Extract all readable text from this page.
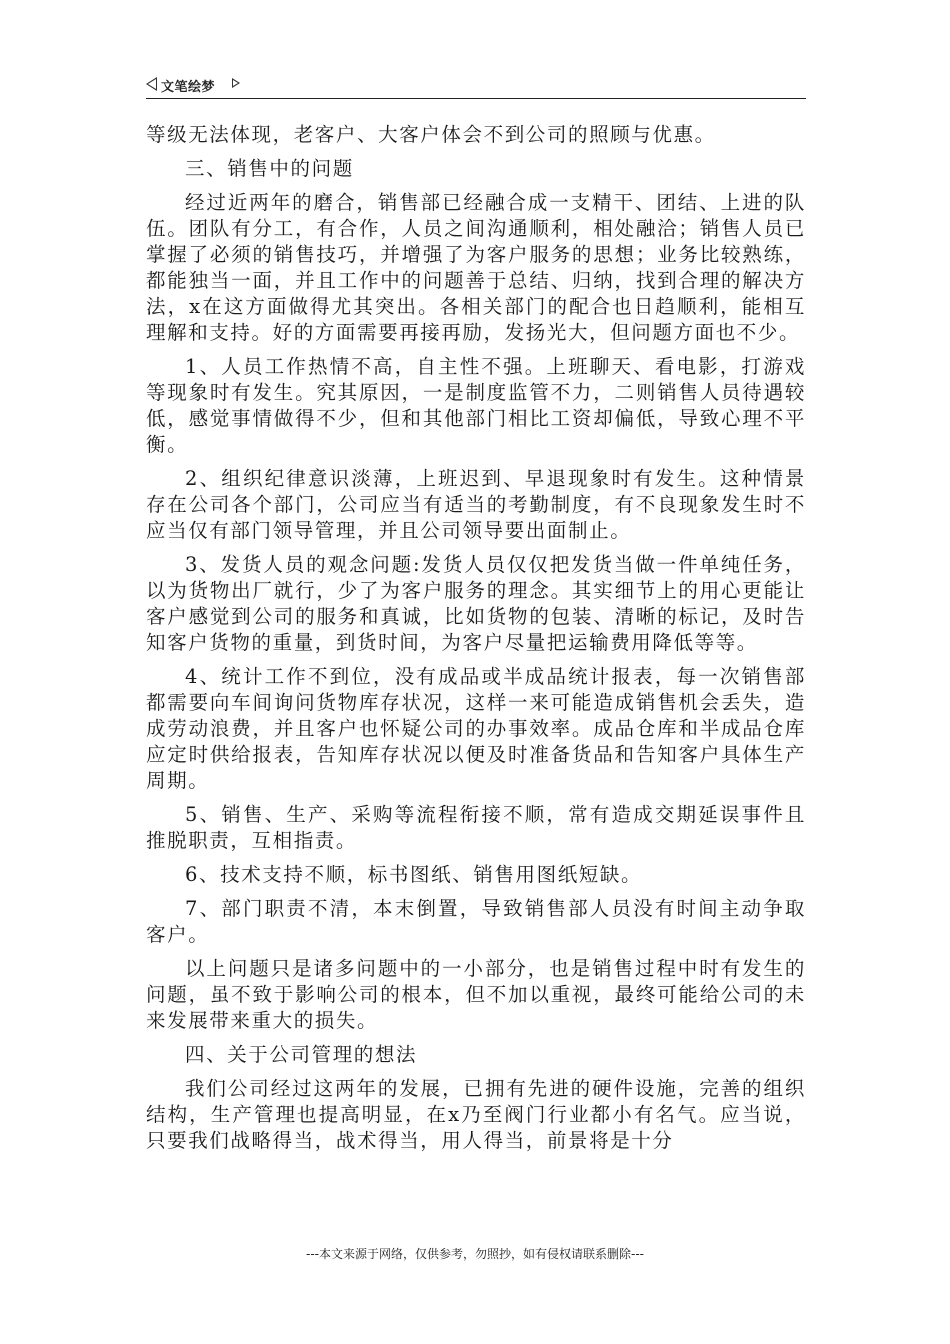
文笔绘梦

等级无法体现，老客户、大客户体会不到公司的照顾与优惠。

三、销售中的问题

经过近两年的磨合，销售部已经融合成一支精干、团结、上进的队伍。团队有分工，有合作，人员之间沟通顺利，相处融洽；销售人员已掌握了必须的销售技巧，并增强了为客户服务的思想；业务比较熟练，都能独当一面，并且工作中的问题善于总结、归纳，找到合理的解决方法，x在这方面做得尤其突出。各相关部门的配合也日趋顺利，能相互理解和支持。好的方面需要再接再励，发扬光大，但问题方面也不少。

1、人员工作热情不高，自主性不强。上班聊天、看电影，打游戏等现象时有发生。究其原因，一是制度监管不力，二则销售人员待遇较低，感觉事情做得不少，但和其他部门相比工资却偏低，导致心理不平衡。

2、组织纪律意识淡薄，上班迟到、早退现象时有发生。这种情景存在公司各个部门，公司应当有适当的考勤制度，有不良现象发生时不应当仅有部门领导管理，并且公司领导要出面制止。

3、发货人员的观念问题:发货人员仅仅把发货当做一件单纯任务，以为货物出厂就行，少了为客户服务的理念。其实细节上的用心更能让客户感觉到公司的服务和真诚，比如货物的包装、清晰的标记，及时告知客户货物的重量，到货时间，为客户尽量把运输费用降低等等。

4、统计工作不到位，没有成品或半成品统计报表，每一次销售部都需要向车间询问货物库存状况，这样一来可能造成销售机会丢失，造成劳动浪费，并且客户也怀疑公司的办事效率。成品仓库和半成品仓库应定时供给报表，告知库存状况以便及时准备货品和告知客户具体生产周期。

5、销售、生产、采购等流程衔接不顺，常有造成交期延误事件且推脱职责，互相指责。

6、技术支持不顺，标书图纸、销售用图纸短缺。

7、部门职责不清，本末倒置，导致销售部人员没有时间主动争取客户。

以上问题只是诸多问题中的一小部分，也是销售过程中时有发生的问题，虽不致于影响公司的根本，但不加以重视，最终可能给公司的未来发展带来重大的损失。

四、关于公司管理的想法

我们公司经过这两年的发展，已拥有先进的硬件设施，完善的组织结构，生产管理也提高明显，在x乃至阀门行业都小有名气。应当说，只要我们战略得当，战术得当，用人得当，前景将是十分

---本文来源于网络，仅供参考，勿照抄，如有侵权请联系删除---
